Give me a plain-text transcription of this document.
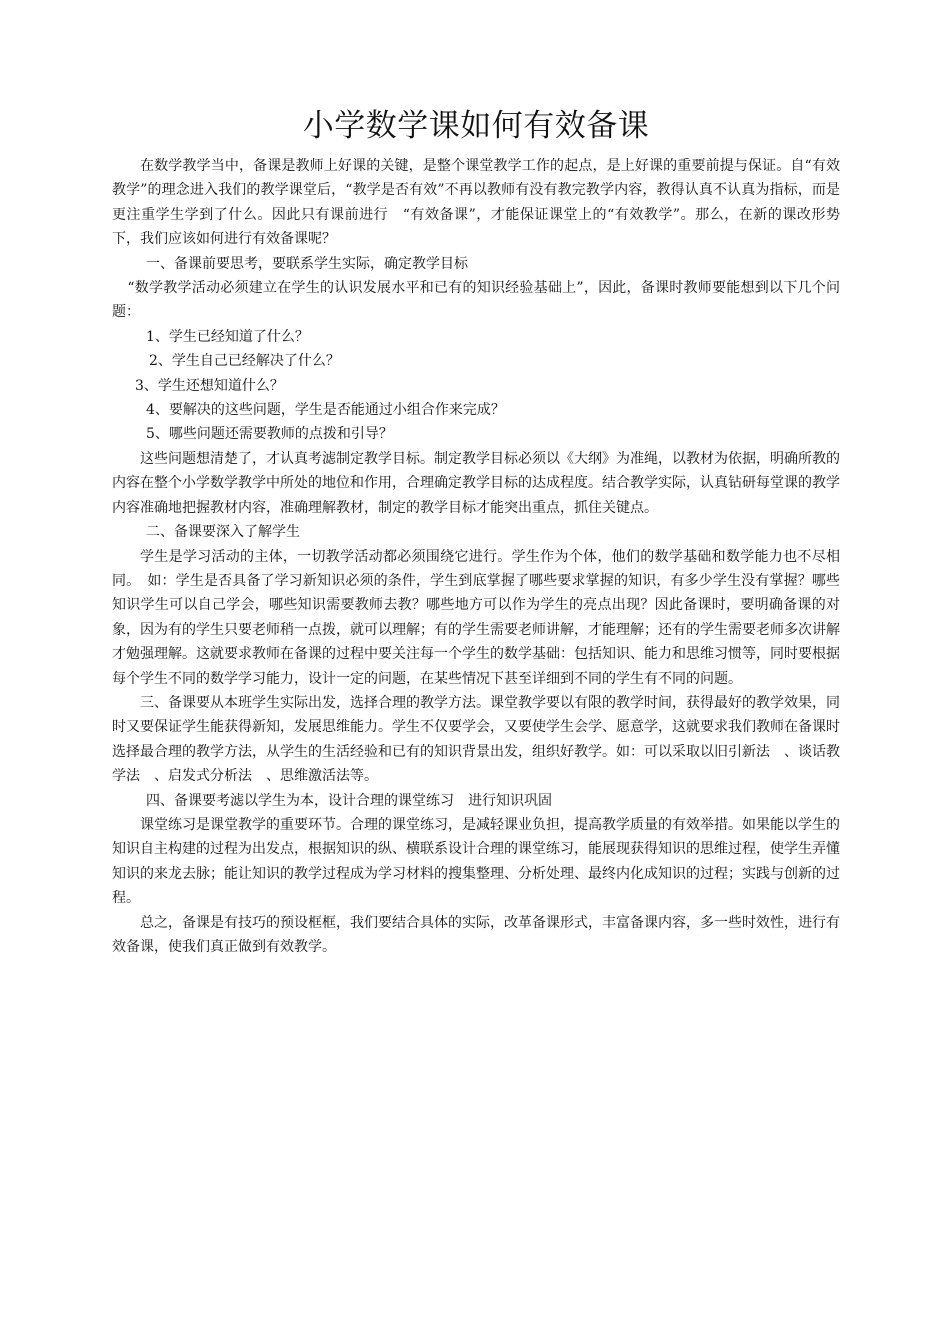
小学数学课如何有效备课

在数学教学当中，备课是教师上好课的关键，是整个课堂教学工作的起点，是上好课的重要前提与保证。自“有效教学”的理念进入我们的教学课堂后，“教学是否有效”不再以教师有没有教完教学内容，教得认真不认真为指标，而是更注重学生学到了什么。因此只有课前进行　“有效备课”，才能保证课堂上的“有效教学”。那么，在新的课改形势下，我们应该如何进行有效备课呢？

一、备课前要思考，要联系学生实际，确定教学目标

“数学教学活动必须建立在学生的认识发展水平和已有的知识经验基础上”，因此，备课时教师要能想到以下几个问题：

1、学生已经知道了什么？

2、学生自己已经解决了什么？

3、学生还想知道什么？

4、要解决的这些问题，学生是否能通过小组合作来完成？

5、哪些问题还需要教师的点拨和引导？

这些问题想清楚了，才认真考滤制定教学目标。制定教学目标必须以《大纲》为准绳，以教材为依据，明确所教的内容在整个小学数学教学中所处的地位和作用，合理确定教学目标的达成程度。结合教学实际，认真钻研每堂课的教学内容准确地把握教材内容，准确理解教材，制定的教学目标才能突出重点，抓住关键点。

二、备课要深入了解学生

学生是学习活动的主体，一切教学活动都必须围绕它进行。学生作为个体，他们的数学基础和数学能力也不尽相同。　如：学生是否具备了学习新知识必须的条件，学生到底掌握了哪些要求掌握的知识，有多少学生没有掌握？哪些知识学生可以自己学会，哪些知识需要教师去教？哪些地方可以作为学生的亮点出现？因此备课时，要明确备课的对象，因为有的学生只要老师稍一点拨，就可以理解；有的学生需要老师讲解，才能理解；还有的学生需要老师多次讲解才勉强理解。这就要求教师在备课的过程中要关注每一个学生的数学基础：包括知识、能力和思维习惯等，同时要根据每个学生不同的数学学习能力，设计一定的问题，在某些情况下甚至详细到不同的学生有不同的问题。

三、备课要从本班学生实际出发，选择合理的教学方法。课堂教学要以有限的教学时间，获得最好的教学效果，同时又要保证学生能获得新知，发展思维能力。学生不仅要学会，又要使学生会学、愿意学，这就要求我们教师在备课时选择最合理的教学方法，从学生的生活经验和已有的知识背景出发，组织好教学。如：可以采取以旧引新法　、谈话教学法　、启发式分析法　、思维激活法等。

四、备课要考滤以学生为本，设计合理的课堂练习　进行知识巩固

课堂练习是课堂教学的重要环节。合理的课堂练习，是减轻课业负担，提高教学质量的有效举措。如果能以学生的知识自主构建的过程为出发点，根据知识的纵、横联系设计合理的课堂练习，能展现获得知识的思维过程，使学生弄懂知识的来龙去脉；能让知识的教学过程成为学习材料的搜集整理、分析处理、最终内化成知识的过程；实践与创新的过程。

总之，备课是有技巧的预设框框，我们要结合具体的实际，改革备课形式，丰富备课内容，多一些时效性，进行有效备课，使我们真正做到有效教学。
